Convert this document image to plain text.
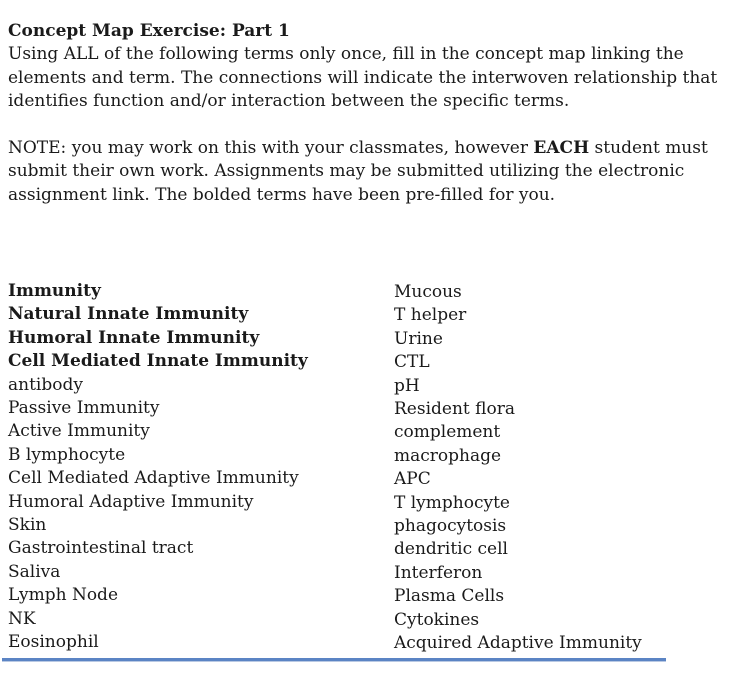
Concept Map Exercise: Part 1

Using ALL of the following terms only once, fill in the concept map linking the elements and term. The connections will indicate the interwoven relationship that identifies function and/or interaction between the specific terms.

NOTE: you may work on this with your classmates, however EACH student must submit their own work. Assignments may be submitted utilizing the electronic assignment link. The bolded terms have been pre-filled for you.

Immunity
Natural Innate Immunity
Humoral Innate Immunity
Cell Mediated Innate Immunity
antibody
Passive Immunity
Active Immunity
B lymphocyte
Cell Mediated Adaptive Immunity
Humoral Adaptive Immunity
Skin
Gastrointestinal tract
Saliva
Lymph Node
NK
Eosinophil
Mucous
T helper
Urine
CTL
pH
Resident flora
complement
macrophage
APC
T lymphocyte
phagocytosis
dendritic cell
Interferon
Plasma Cells
Cytokines
Acquired Adaptive Immunity
